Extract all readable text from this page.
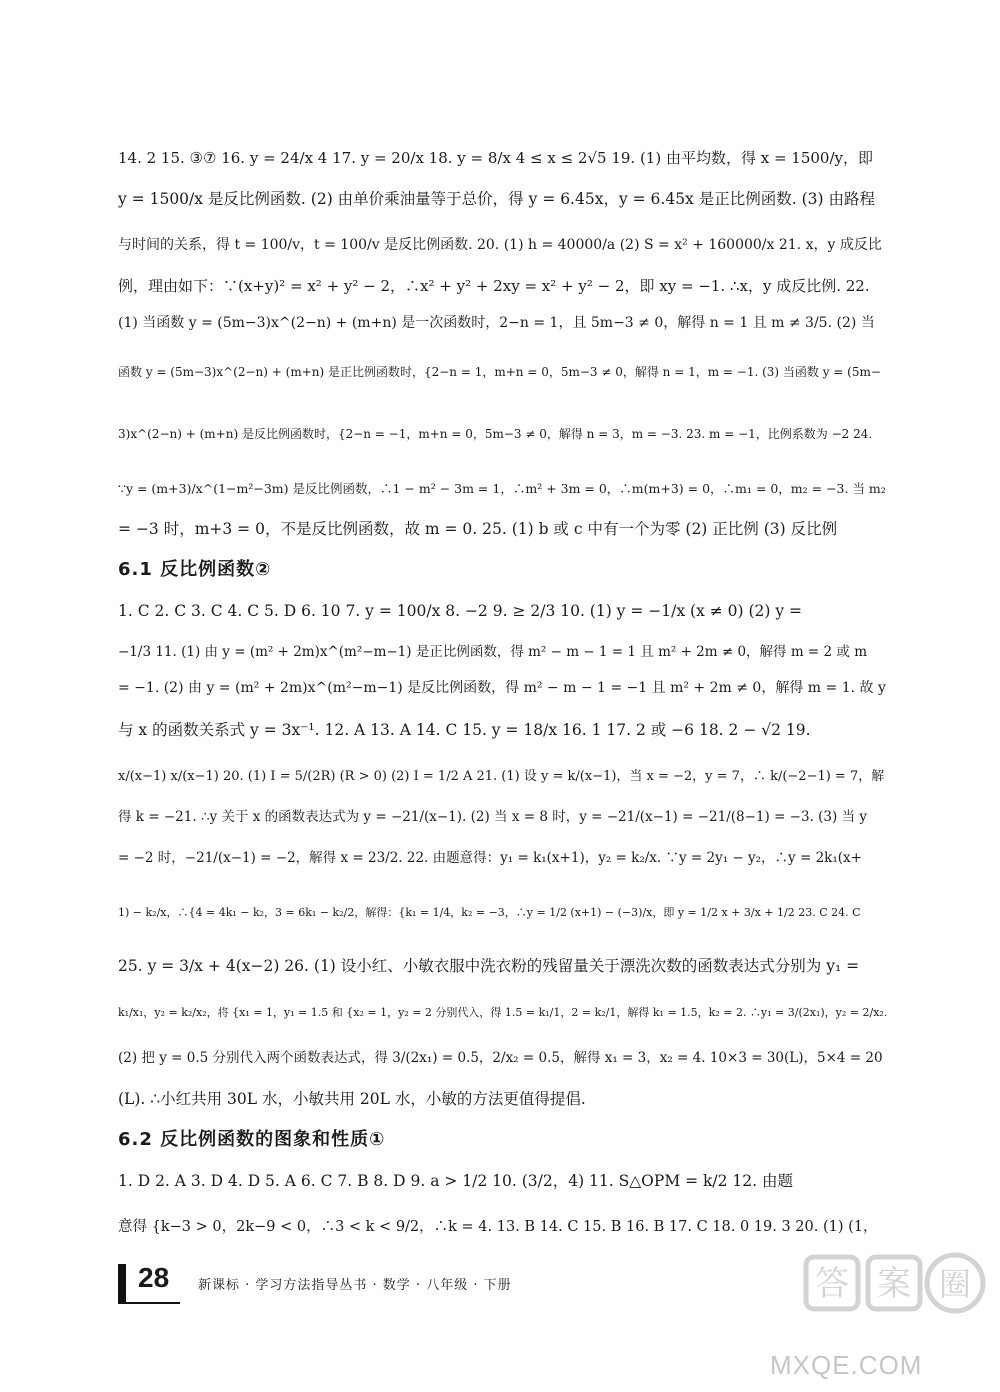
14. 2 15. ③⑦ 16. y = 24/x 4 17. y = 20/x 18. y = 8/x 4 ≤ x ≤ 2√5 19. (1) 由平均数，得 x = 1500/y，即
y = 1500/x 是反比例函数. (2) 由单价乘油量等于总价，得 y = 6.45x，y = 6.45x 是正比例函数. (3) 由路程
与时间的关系，得 t = 100/v，t = 100/v 是反比例函数. 20. (1) h = 40000/a (2) S = x² + 160000/x 21. x，y 成反比
例，理由如下：∵(x+y)² = x² + y² − 2，∴x² + y² + 2xy = x² + y² − 2，即 xy = −1. ∴x，y 成反比例. 22.
(1) 当函数 y = (5m−3)x^(2−n) + (m+n) 是一次函数时，2−n = 1，且 5m−3 ≠ 0，解得 n = 1 且 m ≠ 3/5. (2) 当
函数 y = (5m−3)x^(2−n) + (m+n) 是正比例函数时，{2−n = 1，m+n = 0，5m−3 ≠ 0，解得 n = 1，m = −1. (3) 当函数 y = (5m−
3)x^(2−n) + (m+n) 是反比例函数时，{2−n = −1，m+n = 0，5m−3 ≠ 0，解得 n = 3，m = −3. 23. m = −1，比例系数为 −2 24.
∵y = (m+3)/x^(1−m²−3m) 是反比例函数，∴1 − m² − 3m = 1，∴m² + 3m = 0，∴m(m+3) = 0，∴m₁ = 0，m₂ = −3. 当 m₂
= −3 时，m+3 = 0，不是反比例函数，故 m = 0. 25. (1) b 或 c 中有一个为零 (2) 正比例 (3) 反比例
6.1 反比例函数②
1. C 2. C 3. C 4. C 5. D 6. 10 7. y = 100/x 8. −2 9. ≥ 2/3 10. (1) y = −1/x (x ≠ 0) (2) y =
−1/3 11. (1) 由 y = (m² + 2m)x^(m²−m−1) 是正比例函数，得 m² − m − 1 = 1 且 m² + 2m ≠ 0，解得 m = 2 或 m
= −1. (2) 由 y = (m² + 2m)x^(m²−m−1) 是反比例函数，得 m² − m − 1 = −1 且 m² + 2m ≠ 0，解得 m = 1. 故 y
与 x 的函数关系式 y = 3x⁻¹. 12. A 13. A 14. C 15. y = 18/x 16. 1 17. 2 或 −6 18. 2 − √2 19.
x/(x−1) x/(x−1) 20. (1) I = 5/(2R) (R > 0) (2) I = 1/2 A 21. (1) 设 y = k/(x−1)，当 x = −2，y = 7，∴ k/(−2−1) = 7，解
得 k = −21. ∴y 关于 x 的函数表达式为 y = −21/(x−1). (2) 当 x = 8 时，y = −21/(x−1) = −21/(8−1) = −3. (3) 当 y
= −2 时，−21/(x−1) = −2，解得 x = 23/2. 22. 由题意得：y₁ = k₁(x+1)，y₂ = k₂/x. ∵y = 2y₁ − y₂，∴y = 2k₁(x+
1) − k₂/x，∴{4 = 4k₁ − k₂，3 = 6k₁ − k₂/2，解得：{k₁ = 1/4，k₂ = −3，∴y = 1/2 (x+1) − (−3)/x，即 y = 1/2 x + 3/x + 1/2 23. C 24. C
25. y = 3/x + 4(x−2) 26. (1) 设小红、小敏衣服中洗衣粉的残留量关于漂洗次数的函数表达式分别为 y₁ =
k₁/x₁，y₂ = k₂/x₂，将 {x₁ = 1，y₁ = 1.5 和 {x₂ = 1，y₂ = 2 分别代入，得 1.5 = k₁/1，2 = k₂/1，解得 k₁ = 1.5，k₂ = 2. ∴y₁ = 3/(2x₁)，y₂ = 2/x₂.
(2) 把 y = 0.5 分别代入两个函数表达式，得 3/(2x₁) = 0.5，2/x₂ = 0.5，解得 x₁ = 3，x₂ = 4. 10×3 = 30(L)，5×4 = 20
(L). ∴小红共用 30L 水，小敏共用 20L 水，小敏的方法更值得提倡.
6.2 反比例函数的图象和性质①
1. D 2. A 3. D 4. D 5. A 6. C 7. B 8. D 9. a > 1/2 10. (3/2，4) 11. S△OPM = k/2 12. 由题
意得 {k−3 > 0，2k−9 < 0，∴3 < k < 9/2，∴k = 4. 13. B 14. C 15. B 16. B 17. C 18. 0 19. 3 20. (1) (1，
28 新课标 · 学习方法指导丛书 · 数学 · 八年级 · 下册	答 案 圈
MXQE.COM
